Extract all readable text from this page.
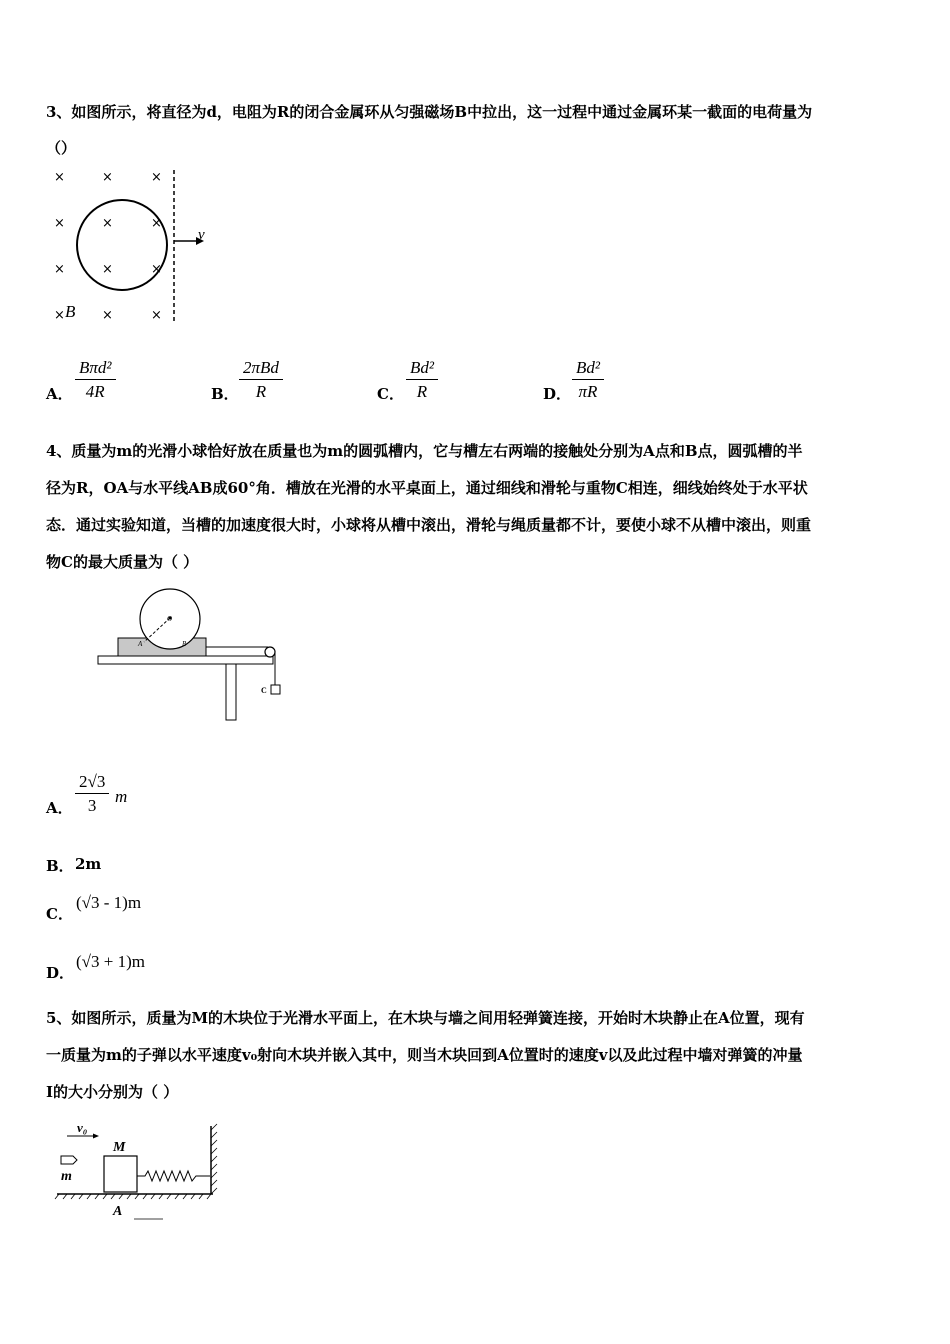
3、如图所示，将直径为d，电阻为R的闭合金属环从匀强磁场B中拉出，这一过程中通过金属环某一截面的电荷量为
（）
×	×	×
×	×	×
×	×	×
×	×	×
v
B
A．
Bπd²
4R	B．
2πBd
R	C．
Bd²
R	D．
Bd²
πR
4、质量为m的光滑小球恰好放在质量也为m的圆弧槽内，它与槽左右两端的接触处分别为A点和B点，圆弧槽的半
径为R，OA与水平线AB成60°角．槽放在光滑的水平桌面上，通过细线和滑轮与重物C相连，细线始终处于水平状
态．通过实验知道，当槽的加速度很大时，小球将从槽中滚出，滑轮与绳质量都不计，要使小球不从槽中滚出，则重
物C的最大质量为（ ）
O
A	B
C
A．
2√3
3 m
B． 2m
C．
(√3 - 1)m
D．
(√3 + 1)m
5、如图所示，质量为M的木块位于光滑水平面上，在木块与墙之间用轻弹簧连接，开始时木块静止在A位置，现有
一质量为m的子弹以水平速度v₀射向木块并嵌入其中，则当木块回到A位置时的速度v以及此过程中墙对弹簧的冲量
I的大小分别为（ ）
v₀
M
m
A
